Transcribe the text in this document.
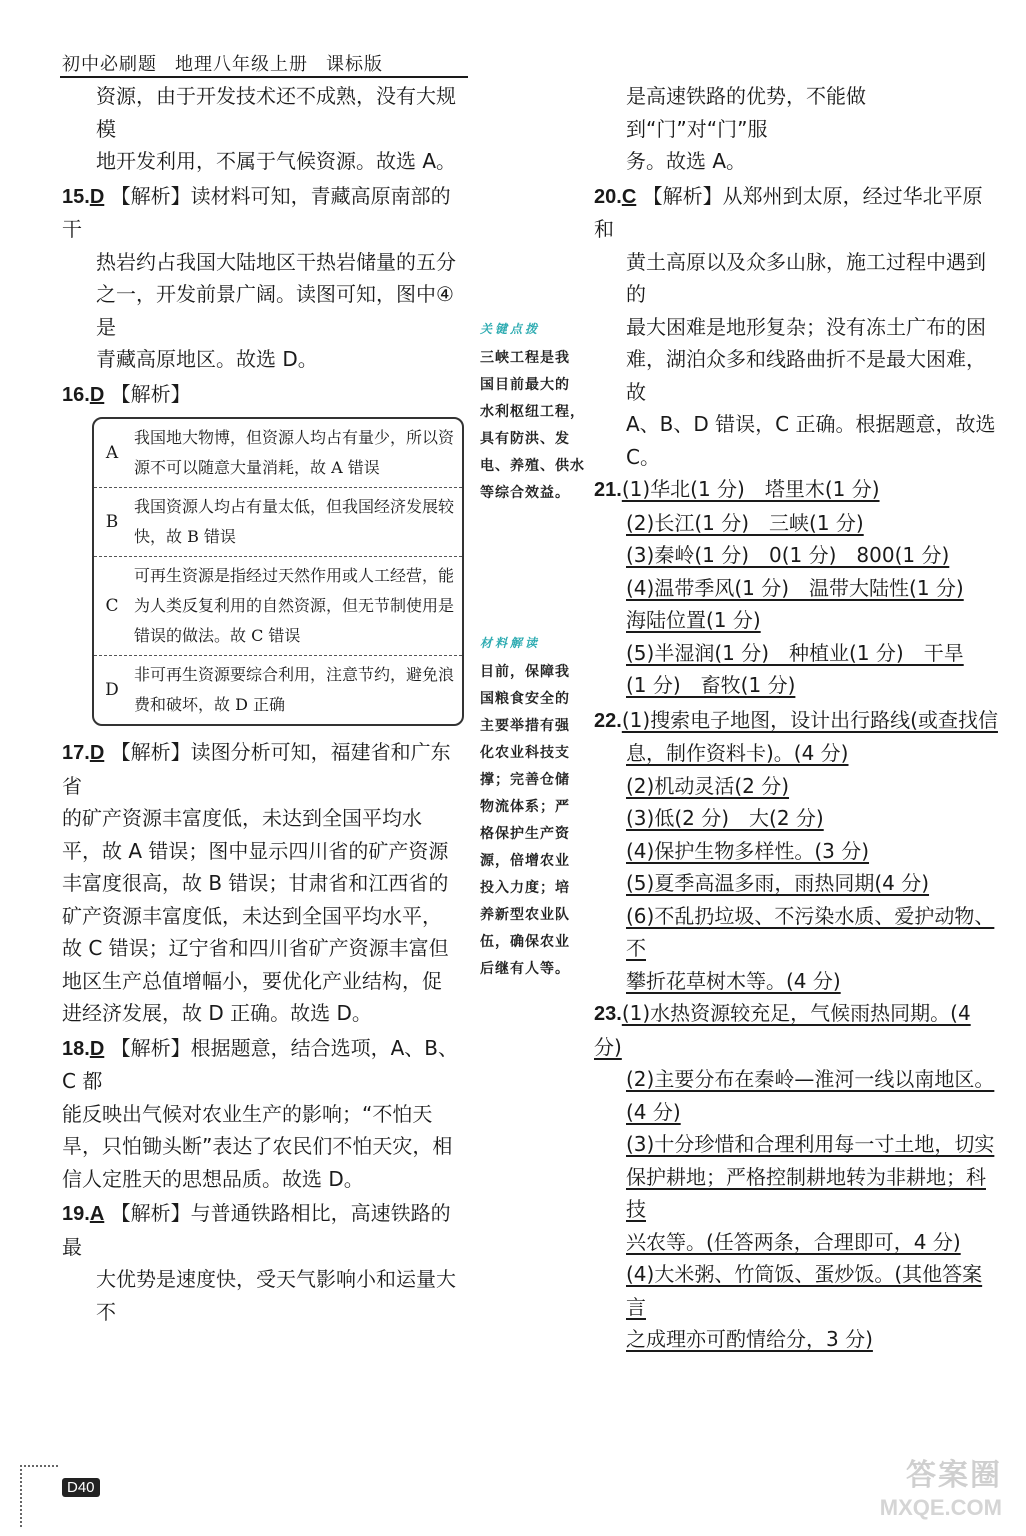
初中必刷题 地理八年级上册 课标版

资源，由于开发技术还不成熟，没有大规模

地开发利用，不属于气候资源。故选 A。

15.D 【解析】读材料可知，青藏高原南部的干

热岩约占我国大陆地区干热岩储量的五分

之一，开发前景广阔。读图可知，图中④是

青藏高原地区。故选 D。

16.D 【解析】

A
我国地大物博，但资源人均占有量少，所以资源不可以随意大量消耗，故 A 错误
B
我国资源人均占有量太低，但我国经济发展较快，故 B 错误
C
可再生资源是指经过天然作用或人工经营，能为人类反复利用的自然资源，但无节制使用是错误的做法。故 C 错误
D
非可再生资源要综合利用，注意节约，避免浪费和破坏，故 D 正确

17.D 【解析】读图分析可知，福建省和广东省

的矿产资源丰富度低，未达到全国平均水

平，故 A 错误；图中显示四川省的矿产资源

丰富度很高，故 B 错误；甘肃省和江西省的

矿产资源丰富度低，未达到全国平均水平，

故 C 错误；辽宁省和四川省矿产资源丰富但

地区生产总值增幅小，要优化产业结构，促

进经济发展，故 D 正确。故选 D。

18.D 【解析】根据题意，结合选项，A、B、C 都

能反映出气候对农业生产的影响；“不怕天

旱，只怕锄头断”表达了农民们不怕天灾，相

信人定胜天的思想品质。故选 D。

19.A 【解析】与普通铁路相比，高速铁路的最

大优势是速度快，受天气影响小和运量大不

关键点拨
三峡工程是我
国目前最大的
水利枢纽工程，
具有防洪、发
电、养殖、供水
等综合效益。
材料解读
目前，保障我
国粮食安全的
主要举措有强
化农业科技支
撑；完善仓储
物流体系；严
格保护生产资
源，倍增农业
投入力度；培
养新型农业队
伍，确保农业
后继有人等。

是高速铁路的优势，不能做到“门”对“门”服

务。故选 A。

20.C 【解析】从郑州到太原，经过华北平原和

黄土高原以及众多山脉，施工过程中遇到的

最大困难是地形复杂；没有冻土广布的困

难，湖泊众多和线路曲折不是最大困难，故

A、B、D 错误，C 正确。根据题意，故选 C。

21.(1)华北(1 分)　塔里木(1 分)

(2)长江(1 分)　三峡(1 分)

(3)秦岭(1 分)　0(1 分)　800(1 分)

(4)温带季风(1 分)　温带大陆性(1 分)

海陆位置(1 分)

(5)半湿润(1 分)　种植业(1 分)　干旱

(1 分)　畜牧(1 分)

22.(1)搜索电子地图，设计出行路线(或查找信

息，制作资料卡)。(4 分)

(2)机动灵活(2 分)

(3)低(2 分)　大(2 分)

(4)保护生物多样性。(3 分)

(5)夏季高温多雨，雨热同期(4 分)

(6)不乱扔垃圾、不污染水质、爱护动物、不

攀折花草树木等。(4 分)

23.(1)水热资源较充足，气候雨热同期。(4 分)

(2)主要分布在秦岭—淮河一线以南地区。

(4 分)

(3)十分珍惜和合理利用每一寸土地，切实

保护耕地；严格控制耕地转为非耕地；科技

兴农等。(任答两条，合理即可，4 分)

(4)大米粥、竹筒饭、蛋炒饭。(其他答案言

之成理亦可酌情给分，3 分)

D40	答案圈
MXQE.COM
